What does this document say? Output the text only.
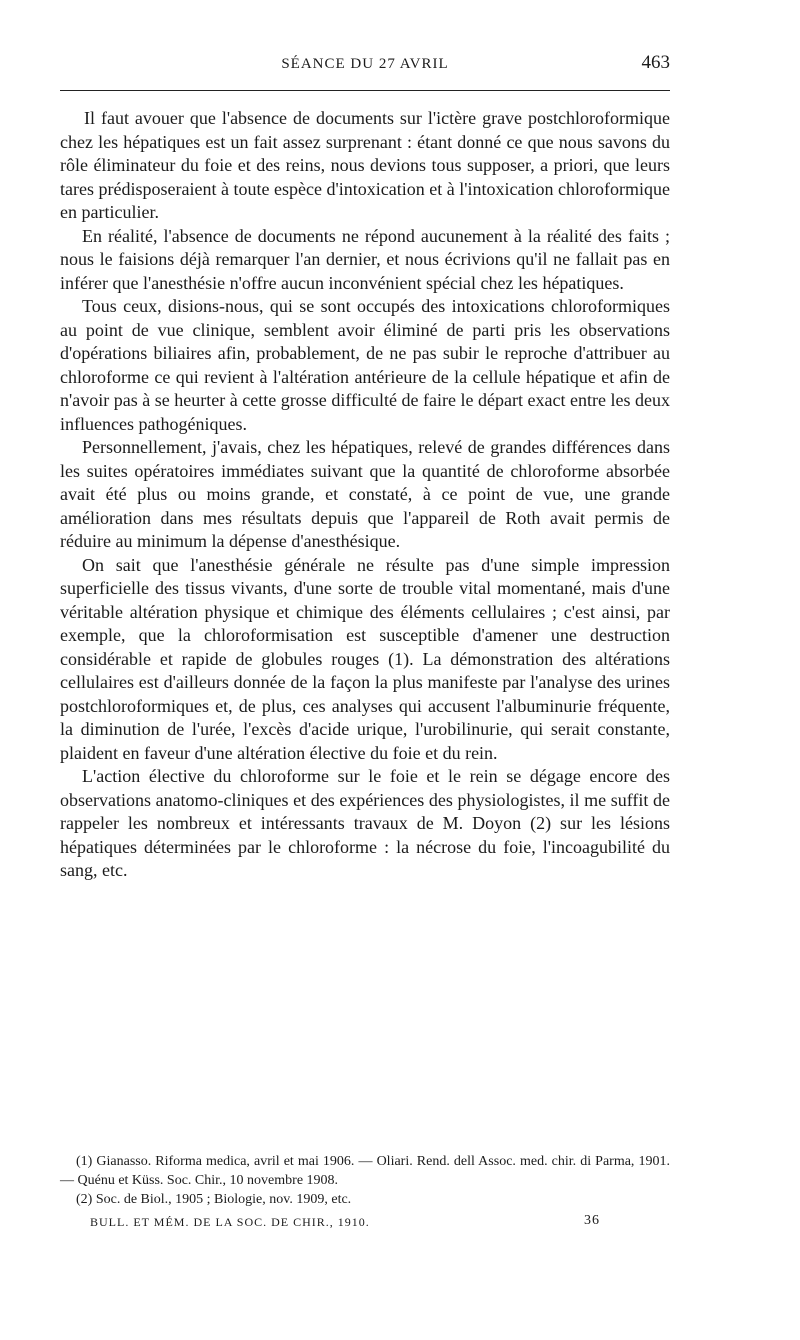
SÉANCE DU 27 AVRIL	463

Il faut avouer que l'absence de documents sur l'ictère grave postchloroformique chez les hépatiques est un fait assez surprenant : étant donné ce que nous savons du rôle éliminateur du foie et des reins, nous devions tous supposer, a priori, que leurs tares prédisposeraient à toute espèce d'intoxication et à l'intoxication chloroformique en particulier.

En réalité, l'absence de documents ne répond aucunement à la réalité des faits ; nous le faisions déjà remarquer l'an dernier, et nous écrivions qu'il ne fallait pas en inférer que l'anesthésie n'offre aucun inconvénient spécial chez les hépatiques.

Tous ceux, disions-nous, qui se sont occupés des intoxications chloroformiques au point de vue clinique, semblent avoir éliminé de parti pris les observations d'opérations biliaires afin, probablement, de ne pas subir le reproche d'attribuer au chloroforme ce qui revient à l'altération antérieure de la cellule hépatique et afin de n'avoir pas à se heurter à cette grosse difficulté de faire le départ exact entre les deux influences pathogéniques.

Personnellement, j'avais, chez les hépatiques, relevé de grandes différences dans les suites opératoires immédiates suivant que la quantité de chloroforme absorbée avait été plus ou moins grande, et constaté, à ce point de vue, une grande amélioration dans mes résultats depuis que l'appareil de Roth avait permis de réduire au minimum la dépense d'anesthésique.

On sait que l'anesthésie générale ne résulte pas d'une simple impression superficielle des tissus vivants, d'une sorte de trouble vital momentané, mais d'une véritable altération physique et chimique des éléments cellulaires ; c'est ainsi, par exemple, que la chloroformisation est susceptible d'amener une destruction considérable et rapide de globules rouges (1). La démonstration des altérations cellulaires est d'ailleurs donnée de la façon la plus manifeste par l'analyse des urines postchloroformiques et, de plus, ces analyses qui accusent l'albuminurie fréquente, la diminution de l'urée, l'excès d'acide urique, l'urobilinurie, qui serait constante, plaident en faveur d'une altération élective du foie et du rein.

L'action élective du chloroforme sur le foie et le rein se dégage encore des observations anatomo-cliniques et des expériences des physiologistes, il me suffit de rappeler les nombreux et intéressants travaux de M. Doyon (2) sur les lésions hépatiques déterminées par le chloroforme : la nécrose du foie, l'incoagubilité du sang, etc.

(1) Gianasso. Riforma medica, avril et mai 1906. — Oliari. Rend. dell Assoc. med. chir. di Parma, 1901. — Quénu et Küss. Soc. Chir., 10 novembre 1908.

(2) Soc. de Biol., 1905 ; Biologie, nov. 1909, etc.

BULL. ET MÉM. DE LA SOC. DE CHIR., 1910.	36
